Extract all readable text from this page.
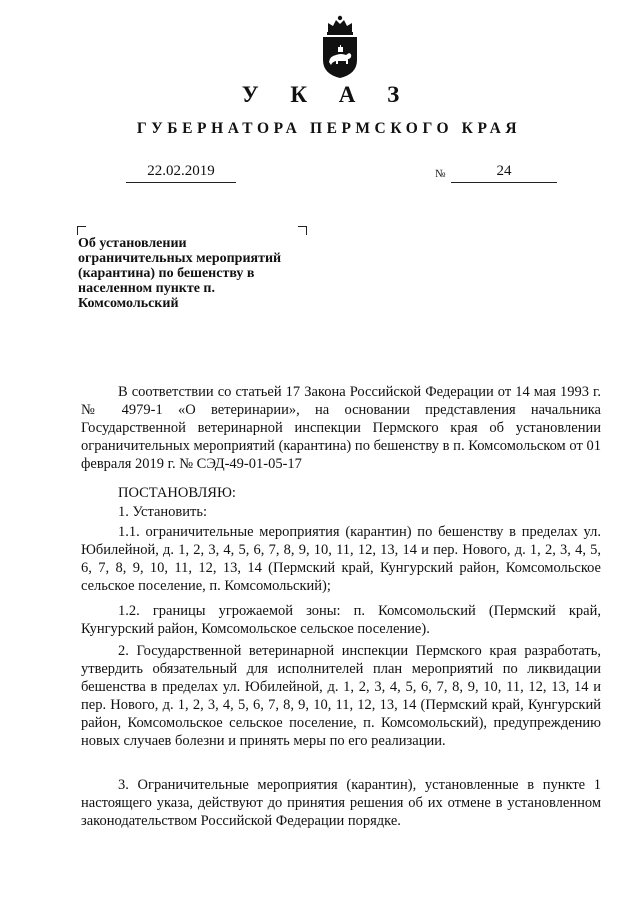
У К А З
ГУБЕРНАТОРА ПЕРМСКОГО КРАЯ
22.02.2019	№	24
Об установлении ограничительных мероприятий (карантина) по бешенству в населенном пункте п. Комсомольский
В соответствии со статьей 17 Закона Российской Федерации от 14 мая 1993 г. № 4979-1 «О ветеринарии», на основании представления начальника Государственной ветеринарной инспекции Пермского края об установлении ограничительных мероприятий (карантина) по бешенству в п. Комсомольском от 01 февраля 2019 г. № СЭД-49-01-05-17
ПОСТАНОВЛЯЮ:
1. Установить:
1.1. ограничительные мероприятия (карантин) по бешенству в пределах ул. Юбилейной, д. 1, 2, 3, 4, 5, 6, 7, 8, 9, 10, 11, 12, 13, 14 и пер. Нового, д. 1, 2, 3, 4, 5, 6, 7, 8, 9, 10, 11, 12, 13, 14 (Пермский край, Кунгурский район, Комсомольское сельское поселение, п. Комсомольский);
1.2. границы угрожаемой зоны: п. Комсомольский (Пермский край, Кунгурский район, Комсомольское сельское поселение).
2. Государственной ветеринарной инспекции Пермского края разработать, утвердить обязательный для исполнителей план мероприятий по ликвидации бешенства в пределах ул. Юбилейной, д. 1, 2, 3, 4, 5, 6, 7, 8, 9, 10, 11, 12, 13, 14 и пер. Нового, д. 1, 2, 3, 4, 5, 6, 7, 8, 9, 10, 11, 12, 13, 14 (Пермский край, Кунгурский район, Комсомольское сельское поселение, п. Комсомольский), предупреждению новых случаев болезни и принять меры по его реализации.
3. Ограничительные мероприятия (карантин), установленные в пункте 1 настоящего указа, действуют до принятия решения об их отмене в установленном законодательством Российской Федерации порядке.
